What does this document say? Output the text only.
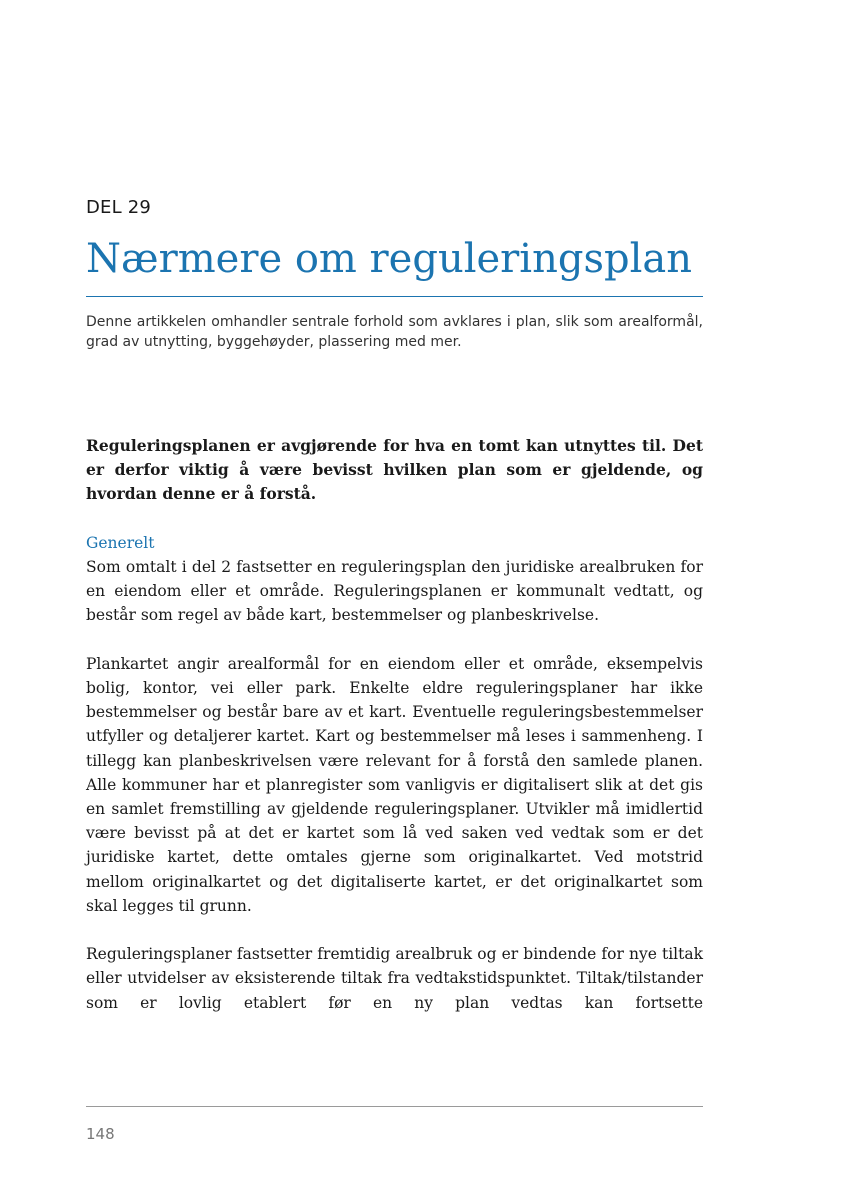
DEL 29
Nærmere om reguleringsplan

Denne artikkelen omhandler sentrale forhold som avklares i plan, slik som arealformål, grad av utnytting, byggehøyder, plassering med mer.

Reguleringsplanen er avgjørende for hva en tomt kan utnyttes til. Det er derfor viktig å være bevisst hvilken plan som er gjeldende, og hvordan denne er å forstå.

Generelt

Som omtalt i del 2 fastsetter en reguleringsplan den juridiske arealbruken for en eiendom eller et område. Reguleringsplanen er kommunalt vedtatt, og består som regel av både kart, bestemmelser og planbeskrivelse.

Plankartet angir arealformål for en eiendom eller et område, eksempelvis bolig, kontor, vei eller park. Enkelte eldre reguleringsplaner har ikke bestemmelser og består bare av et kart. Eventuelle reguleringsbestemmelser utfyller og detaljerer kartet. Kart og bestemmelser må leses i sammenheng. I tillegg kan planbeskrivelsen være relevant for å forstå den samlede planen. Alle kommuner har et planregister som vanligvis er digitalisert slik at det gis en samlet fremstilling av gjeldende reguleringsplaner. Utvikler må imidlertid være bevisst på at det er kartet som lå ved saken ved vedtak som er det juridiske kartet, dette omtales gjerne som originalkartet. Ved motstrid mellom originalkartet og det digitaliserte kartet, er det originalkartet som skal legges til grunn.

Reguleringsplaner fastsetter fremtidig arealbruk og er bindende for nye tiltak eller utvidelser av eksisterende tiltak fra vedtakstidspunktet. Tiltak/tilstander som er lovlig etablert før en ny plan vedtas kan fortsette

148
